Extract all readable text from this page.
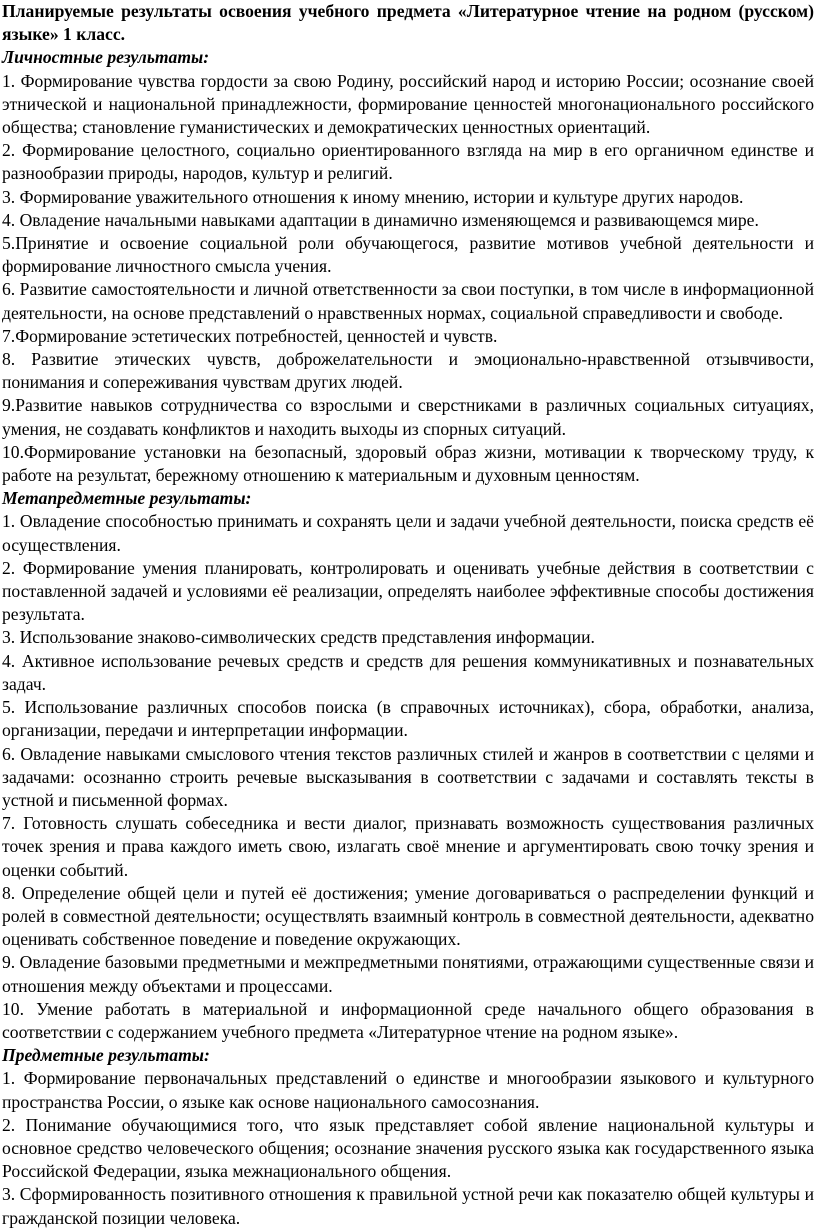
Планируемые результаты освоения учебного предмета «Литературное чтение на родном (русском) языке» 1 класс.

Личностные результаты:

1. Формирование чувства гордости за свою Родину, российский народ и историю России; осознание своей этнической и национальной принадлежности, формирование ценностей многонационального российского общества; становление гуманистических и демократических ценностных ориентаций.

2. Формирование целостного, социально ориентированного взгляда на мир в его органичном единстве и разнообразии природы, народов, культур и религий.

3. Формирование уважительного отношения к иному мнению, истории и культуре других народов.

4. Овладение начальными навыками адаптации в динамично изменяющемся и развивающемся мире.

5.Принятие и освоение социальной роли обучающегося, развитие мотивов учебной деятельности и формирование личностного смысла учения.

6. Развитие самостоятельности и личной ответственности за свои поступки, в том числе в информационной деятельности, на основе представлений о нравственных нормах, социальной справедливости и свободе.

7.Формирование эстетических потребностей, ценностей и чувств.

8. Развитие этических чувств, доброжелательности и эмоционально-нравственной отзывчивости, понимания и сопереживания чувствам других людей.

9.Развитие навыков сотрудничества со взрослыми и сверстниками в различных социальных ситуациях, умения, не создавать конфликтов и находить выходы из спорных ситуаций.

10.Формирование установки на безопасный, здоровый образ жизни, мотивации к творческому труду, к работе на результат, бережному отношению к материальным и духовным ценностям.

Метапредметные результаты:

1. Овладение способностью принимать и сохранять цели и задачи учебной деятельности, поиска средств её осуществления.

2. Формирование умения планировать, контролировать и оценивать учебные действия в соответствии с поставленной задачей и условиями её реализации, определять наиболее эффективные способы достижения результата.

3. Использование знаково-символических средств представления информации.

4. Активное использование речевых средств и средств для решения коммуникативных и познавательных задач.

5. Использование различных способов поиска (в справочных источниках), сбора, обработки, анализа, организации, передачи и интерпретации информации.

6. Овладение навыками смыслового чтения текстов различных стилей и жанров в соответствии с целями и задачами: осознанно строить речевые высказывания в соответствии с задачами и составлять тексты в устной и письменной формах.

7. Готовность слушать собеседника и вести диалог, признавать возможность существования различных точек зрения и права каждого иметь свою, излагать своё мнение и аргументировать свою точку зрения и оценки событий.

8. Определение общей цели и путей её достижения; умение договариваться о распределении функций и ролей в совместной деятельности; осуществлять взаимный контроль в совместной деятельности, адекватно оценивать собственное поведение и поведение окружающих.

9. Овладение базовыми предметными и межпредметными понятиями, отражающими существенные связи и отношения между объектами и процессами.

10. Умение работать в материальной и информационной среде начального общего образования в соответствии с содержанием учебного предмета «Литературное чтение на родном языке».

Предметные результаты:

1. Формирование первоначальных представлений о единстве и многообразии языкового и культурного пространства России, о языке как основе национального самосознания.

2. Понимание обучающимися того, что язык представляет собой явление национальной культуры и основное средство человеческого общения; осознание значения русского языка как государственного языка Российской Федерации, языка межнационального общения.

3. Сформированность позитивного отношения к правильной устной речи как показателю общей культуры и гражданской позиции человека.
